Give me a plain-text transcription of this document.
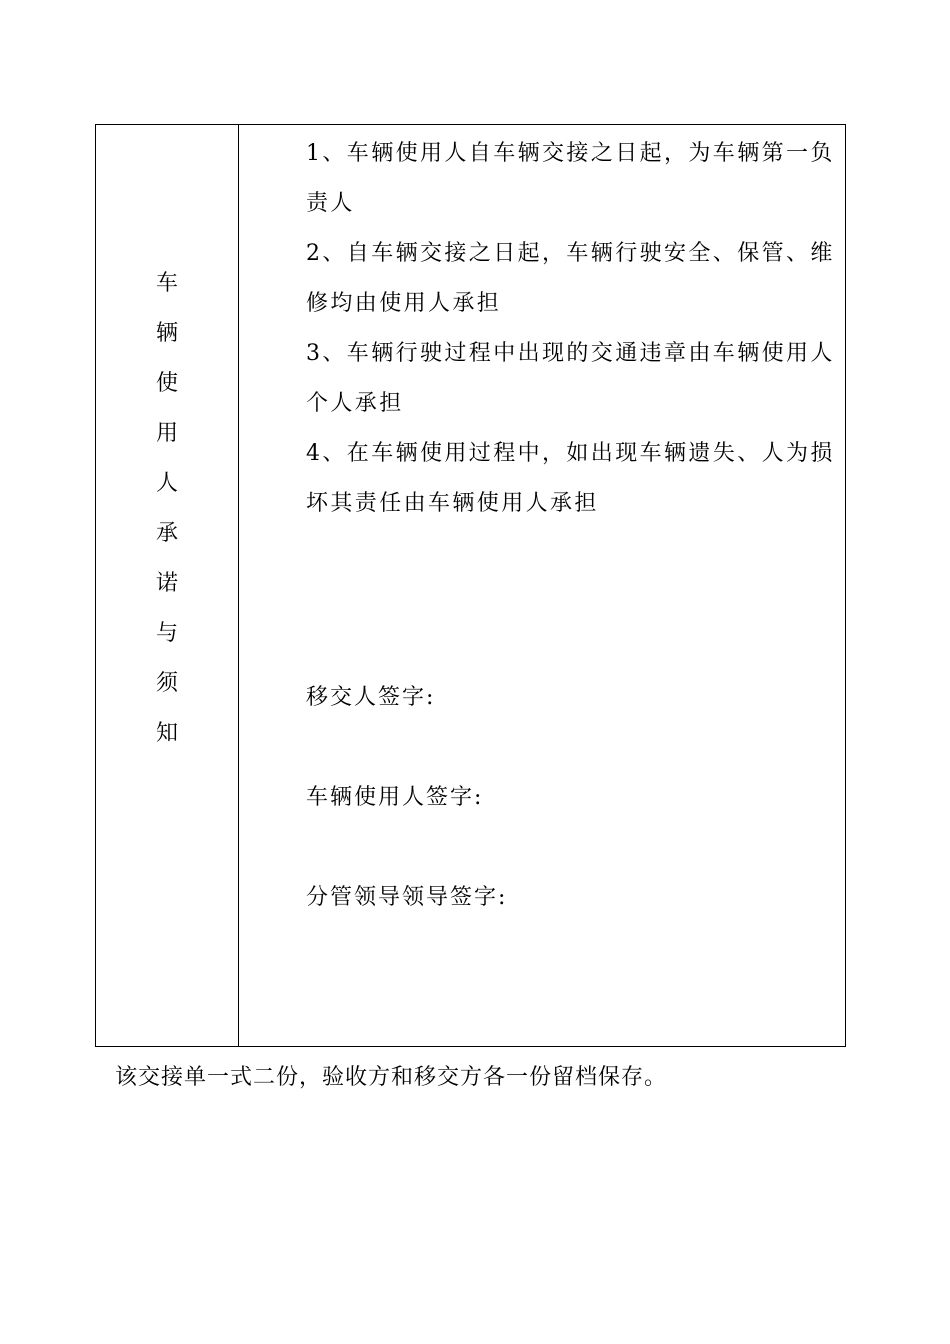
车
辆
使
用
人
承
诺
与
须
知
1、车辆使用人自车辆交接之日起，为车辆第一负责人
2、自车辆交接之日起，车辆行驶安全、保管、维修均由使用人承担
3、车辆行驶过程中出现的交通违章由车辆使用人个人承担
4、在车辆使用过程中，如出现车辆遗失、人为损坏其责任由车辆使用人承担
移交人签字:
车辆使用人签字:
分管领导领导签字:
该交接单一式二份，验收方和移交方各一份留档保存。
